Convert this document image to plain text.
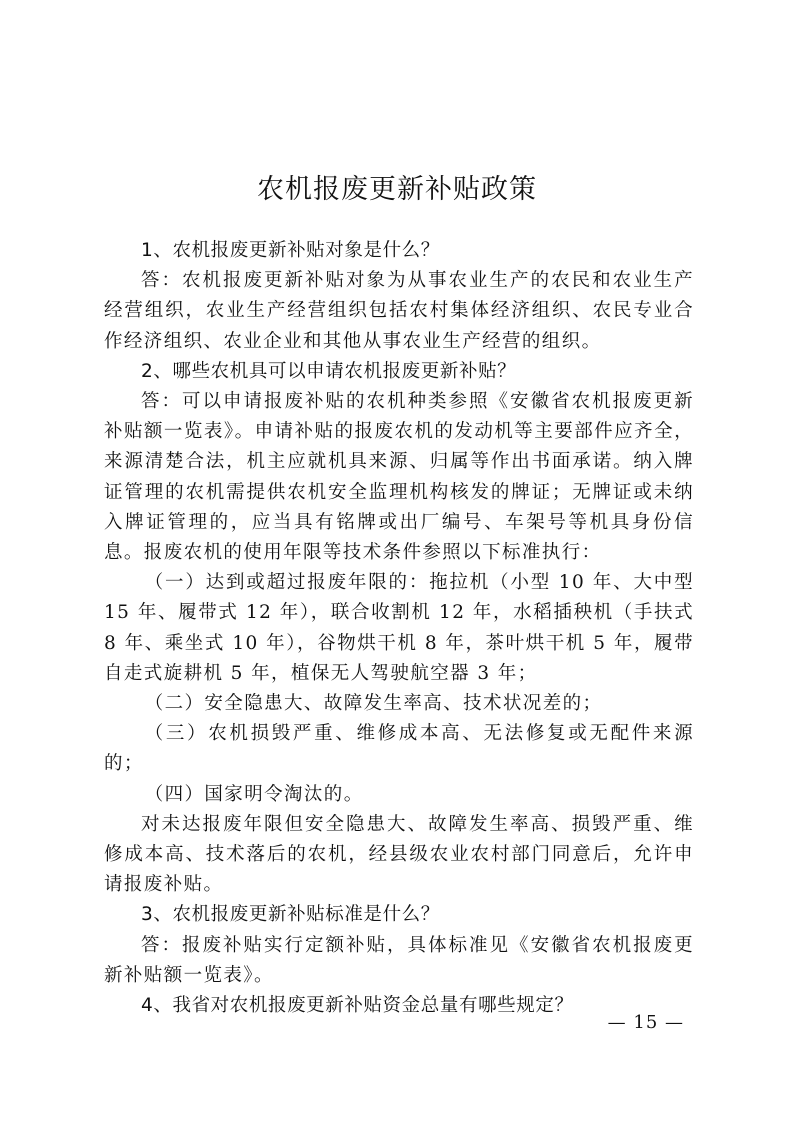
农机报废更新补贴政策

1、农机报废更新补贴对象是什么？

答：农机报废更新补贴对象为从事农业生产的农民和农业生产经营组织，农业生产经营组织包括农村集体经济组织、农民专业合作经济组织、农业企业和其他从事农业生产经营的组织。

2、哪些农机具可以申请农机报废更新补贴？

答：可以申请报废补贴的农机种类参照《安徽省农机报废更新补贴额一览表》。申请补贴的报废农机的发动机等主要部件应齐全，来源清楚合法，机主应就机具来源、归属等作出书面承诺。纳入牌证管理的农机需提供农机安全监理机构核发的牌证；无牌证或未纳入牌证管理的，应当具有铭牌或出厂编号、车架号等机具身份信息。报废农机的使用年限等技术条件参照以下标准执行：

（一）达到或超过报废年限的：拖拉机（小型 10 年、大中型 15 年、履带式 12 年），联合收割机 12 年，水稻插秧机（手扶式 8 年、乘坐式 10 年），谷物烘干机 8 年，茶叶烘干机 5 年，履带自走式旋耕机 5 年，植保无人驾驶航空器 3 年；

（二）安全隐患大、故障发生率高、技术状况差的；

（三）农机损毁严重、维修成本高、无法修复或无配件来源的；

（四）国家明令淘汰的。

对未达报废年限但安全隐患大、故障发生率高、损毁严重、维修成本高、技术落后的农机，经县级农业农村部门同意后，允许申请报废补贴。

3、农机报废更新补贴标准是什么？

答：报废补贴实行定额补贴，具体标准见《安徽省农机报废更新补贴额一览表》。

4、我省对农机报废更新补贴资金总量有哪些规定？

— 15 —
